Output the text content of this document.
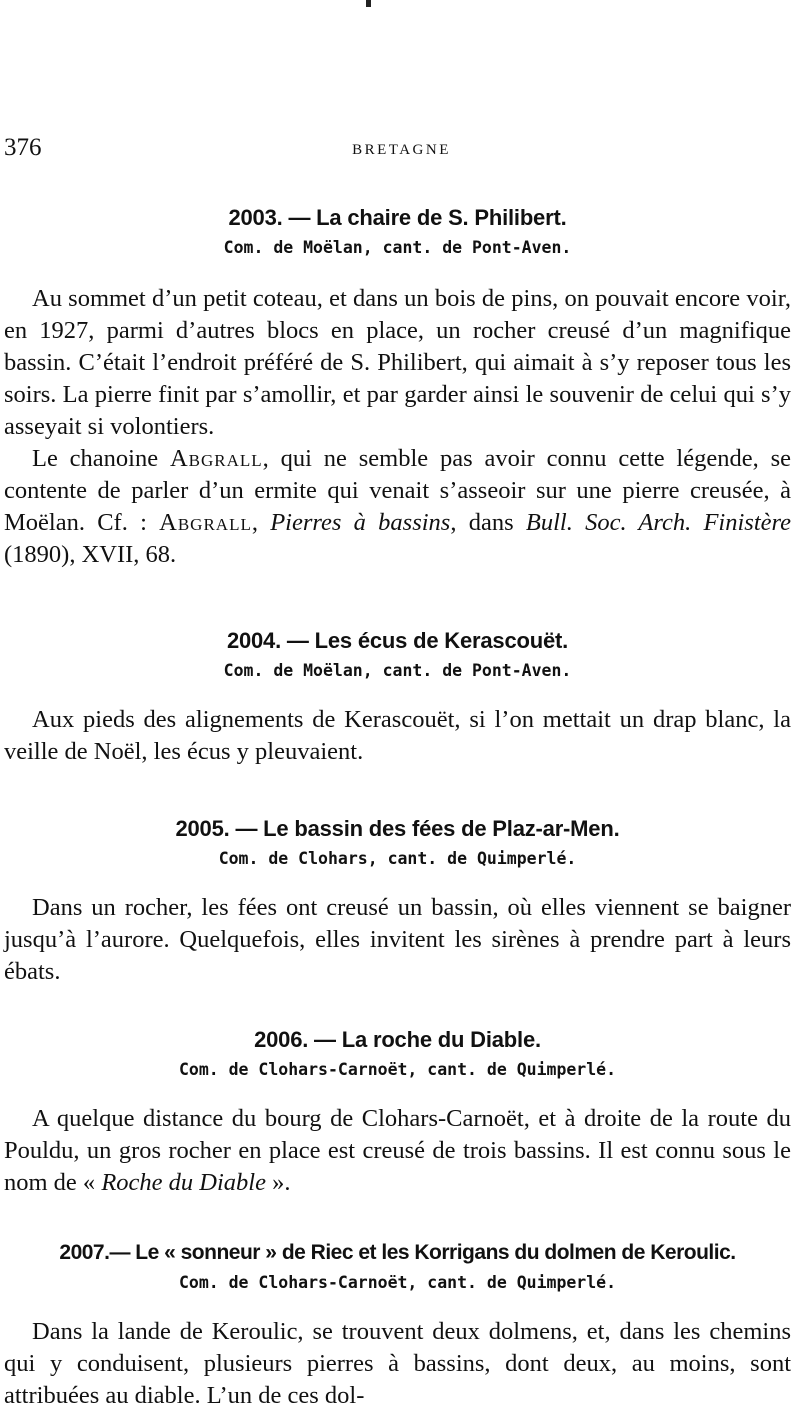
376	BRETAGNE
2003. — La chaire de S. Philibert.
Com. de Moëlan, cant. de Pont-Aven.

Au sommet d’un petit coteau, et dans un bois de pins, on pouvait encore voir, en 1927, parmi d’autres blocs en place, un rocher creusé d’un magnifique bassin. C’était l’endroit préféré de S. Philibert, qui aimait à s’y reposer tous les soirs. La pierre finit par s’amollir, et par garder ainsi le souvenir de celui qui s’y asseyait si volontiers.

Le chanoine Abgrall, qui ne semble pas avoir connu cette légende, se contente de parler d’un ermite qui venait s’asseoir sur une pierre creusée, à Moëlan. Cf. : Abgrall, Pierres à bassins, dans Bull. Soc. Arch. Finistère (1890), XVII, 68.

2004. — Les écus de Kerascouët.
Com. de Moëlan, cant. de Pont-Aven.

Aux pieds des alignements de Kerascouët, si l’on mettait un drap blanc, la veille de Noël, les écus y pleuvaient.

2005. — Le bassin des fées de Plaz-ar-Men.
Com. de Clohars, cant. de Quimperlé.

Dans un rocher, les fées ont creusé un bassin, où elles viennent se baigner jusqu’à l’aurore. Quelquefois, elles invitent les sirènes à prendre part à leurs ébats.

2006. — La roche du Diable.
Com. de Clohars-Carnoët, cant. de Quimperlé.

A quelque distance du bourg de Clohars-Carnoët, et à droite de la route du Pouldu, un gros rocher en place est creusé de trois bassins. Il est connu sous le nom de « Roche du Diable ».

2007.— Le « sonneur » de Riec et les Korrigans du dolmen de Keroulic.
Com. de Clohars-Carnoët, cant. de Quimperlé.

Dans la lande de Keroulic, se trouvent deux dolmens, et, dans les chemins qui y conduisent, plusieurs pierres à bassins, dont deux, au moins, sont attribuées au diable. L’un de ces dol-
